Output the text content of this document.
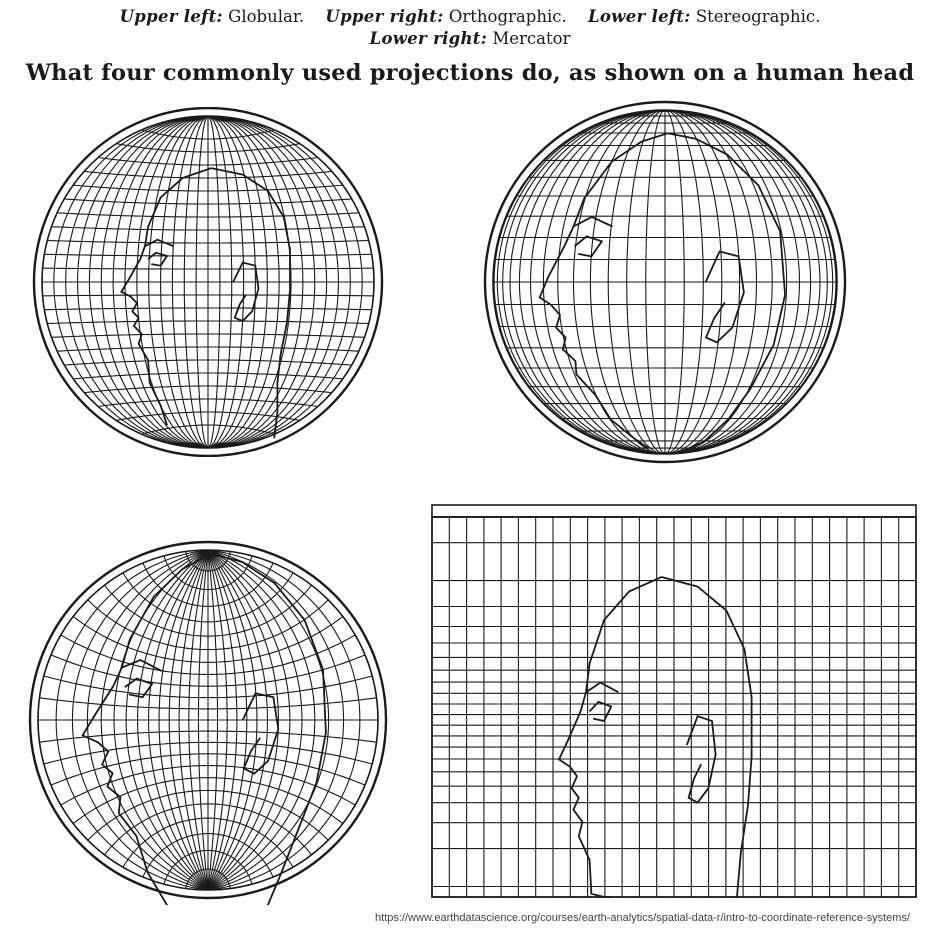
Upper left: Globular. Upper right: Orthographic. Lower left: Stereographic.
Lower right: Mercator
What four commonly used projections do, as shown on a human head
https://www.earthdatascience.org/courses/earth-analytics/spatial-data-r/intro-to-coordinate-reference-systems/
